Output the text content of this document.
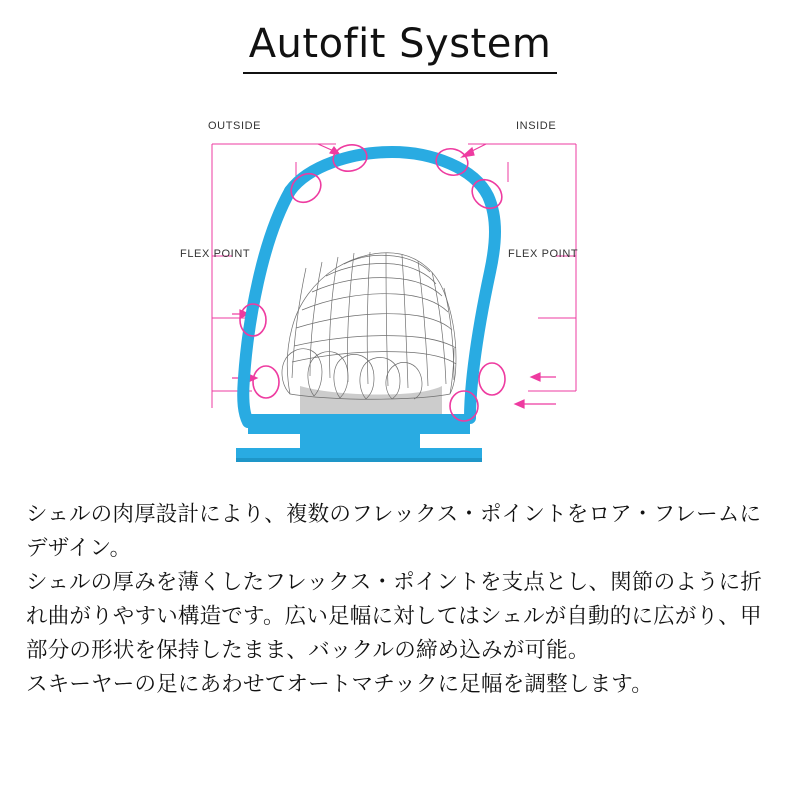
Autofit System
OUTSIDE	INSIDE
FLEX POINT	FLEX POINT

シェルの肉厚設計により、複数のフレックス・ポイントをロア・フレームにデザイン。

シェルの厚みを薄くしたフレックス・ポイントを支点とし、関節のように折れ曲がりやすい構造です。広い足幅に対してはシェルが自動的に広がり、甲部分の形状を保持したまま、バックルの締め込みが可能。

スキーヤーの足にあわせてオートマチックに足幅を調整します。
